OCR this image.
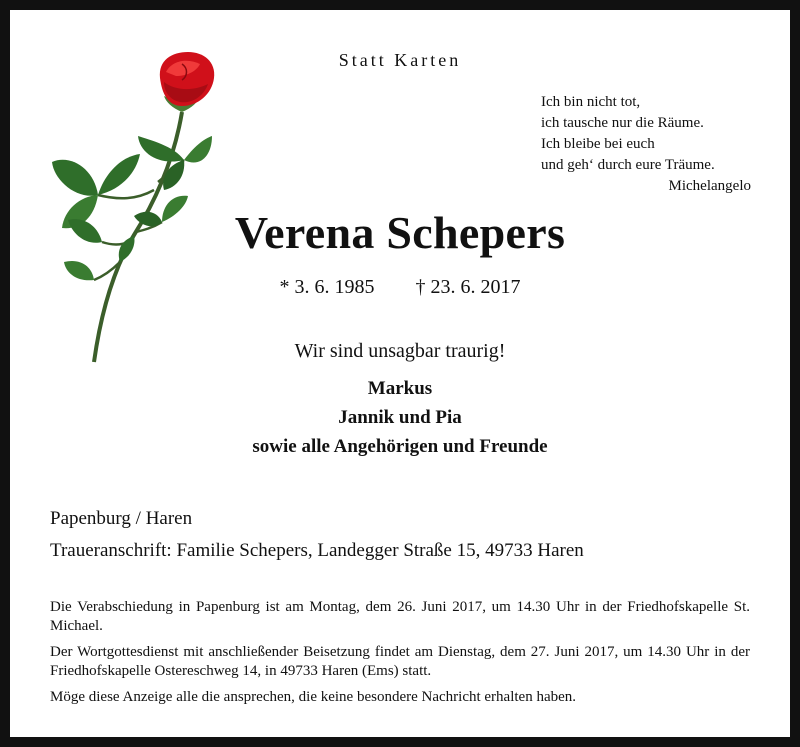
Statt Karten
Ich bin nicht tot,
ich tausche nur die Räume.
Ich bleibe bei euch
und geh‘ durch eure Träume.
Michelangelo
Verena Schepers
* 3. 6. 1985 † 23. 6. 2017
Wir sind unsagbar traurig!
Markus
Jannik und Pia
sowie alle Angehörigen und Freunde
Papenburg / Haren
Traueranschrift: Familie Schepers, Landegger Straße 15, 49733 Haren

Die Verabschiedung in Papenburg ist am Montag, dem 26. Juni 2017, um 14.30 Uhr in der Friedhofskapelle St. Michael.

Der Wortgottesdienst mit anschließender Beisetzung findet am Dienstag, dem 27. Juni 2017, um 14.30 Uhr in der Friedhofskapelle Ostereschweg 14, in 49733 Haren (Ems) statt.

Möge diese Anzeige alle die ansprechen, die keine besondere Nachricht erhalten haben.
